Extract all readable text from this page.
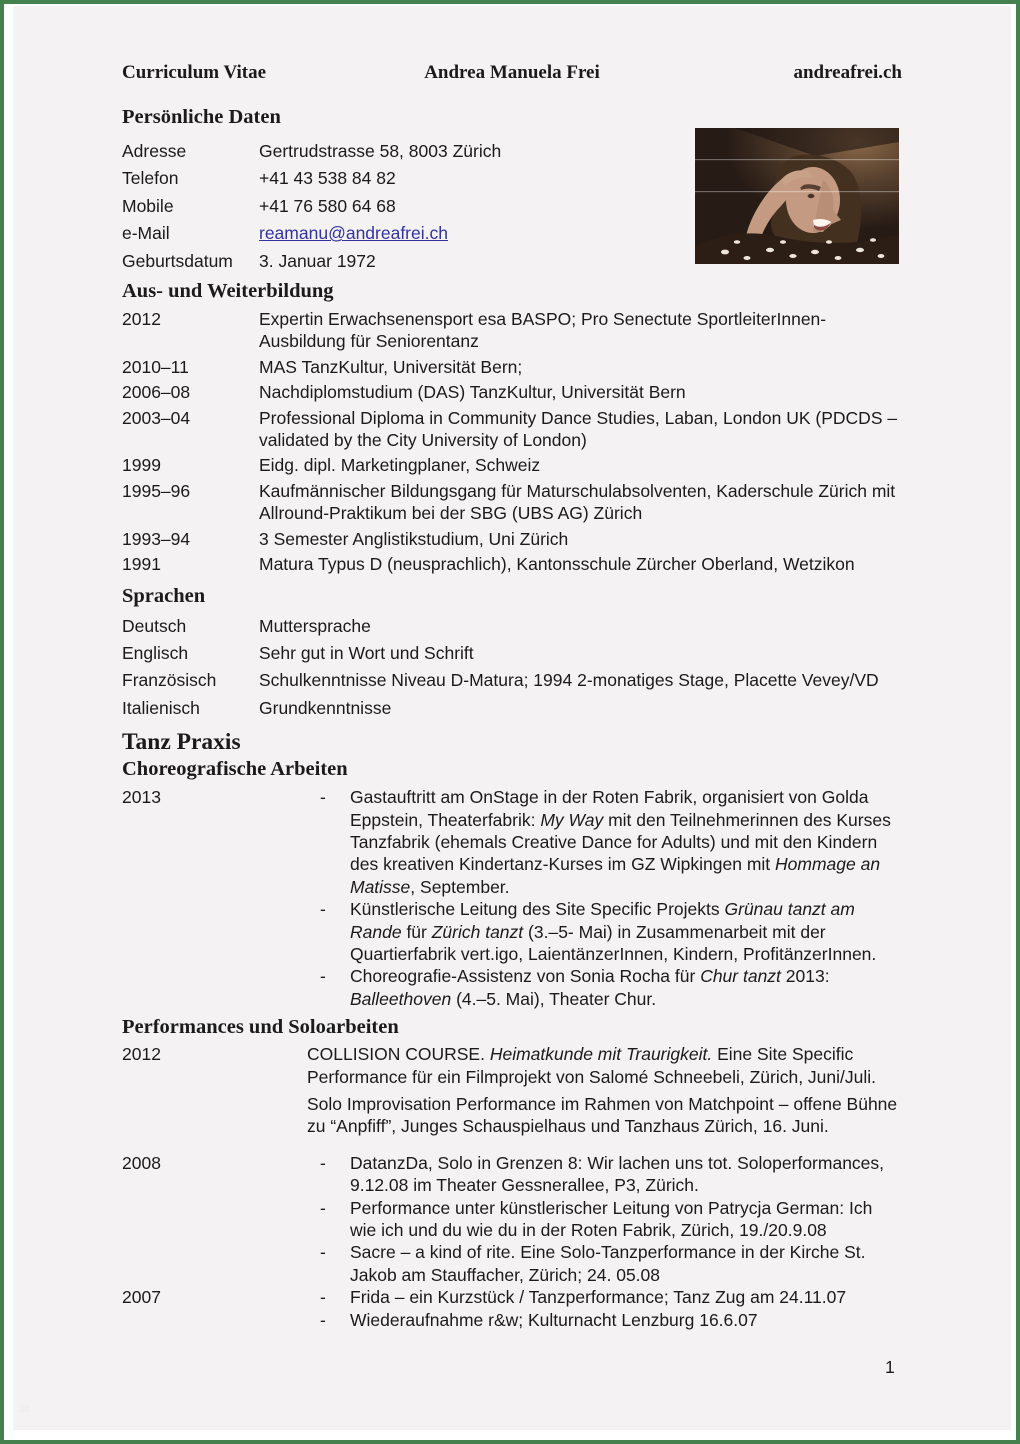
Curriculum Vitae	Andrea Manuela Frei	andreafrei.ch
Persönliche Daten
Adresse	Gertrudstrasse 58, 8003 Zürich
Telefon	+41 43 538 84 82
Mobile	+41 76 580 64 68
e-Mail	reamanu@andreafrei.ch
Geburtsdatum	3. Januar 1972
Aus- und Weiterbildung
2012	Expertin Erwachsenensport esa BASPO; Pro Senectute SportleiterInnen-Ausbildung für Seniorentanz
2010–11	MAS TanzKultur, Universität Bern;
2006–08	Nachdiplomstudium (DAS) TanzKultur, Universität Bern
2003–04	Professional Diploma in Community Dance Studies, Laban, London UK (PDCDS – validated by the City University of London)
1999	Eidg. dipl. Marketingplaner, Schweiz
1995–96	Kaufmännischer Bildungsgang für Maturschulabsolventen, Kaderschule Zürich mit Allround-Praktikum bei der SBG (UBS AG) Zürich
1993–94	3 Semester Anglistikstudium, Uni Zürich
1991	Matura Typus D (neusprachlich), Kantonsschule Zürcher Oberland, Wetzikon
Sprachen
Deutsch	Muttersprache
Englisch	Sehr gut in Wort und Schrift
Französisch	Schulkenntnisse Niveau D-Matura; 1994 2-monatiges Stage, Placette Vevey/VD
Italienisch	Grundkenntnisse
Tanz Praxis
Choreografische Arbeiten
2013	-	Gastauftritt am OnStage in der Roten Fabrik, organisiert von Golda Eppstein, Theaterfabrik: My Way mit den Teilnehmerinnen des Kurses Tanzfabrik (ehemals Creative Dance for Adults) und mit den Kindern des kreativen Kindertanz-Kurses im GZ Wipkingen mit Hommage an Matisse, September.
-	Künstlerische Leitung des Site Specific Projekts Grünau tanzt am Rande für Zürich tanzt (3.–5- Mai) in Zusammenarbeit mit der Quartierfabrik vert.igo, LaientänzerInnen, Kindern, ProfitänzerInnen.
-	Choreografie-Assistenz von Sonia Rocha für Chur tanzt 2013: Balleethoven (4.–5. Mai), Theater Chur.
Performances und Soloarbeiten
2012	COLLISION COURSE. Heimatkunde mit Traurigkeit. Eine Site Specific Performance für ein Filmprojekt von Salomé Schneebeli, Zürich, Juni/Juli.
Solo Improvisation Performance im Rahmen von Matchpoint – offene Bühne zu “Anpfiff”, Junges Schauspielhaus und Tanzhaus Zürich, 16. Juni.
2008	-	DatanzDa, Solo in Grenzen 8: Wir lachen uns tot. Soloperformances, 9.12.08 im Theater Gessnerallee, P3, Zürich.
-	Performance unter künstlerischer Leitung von Patrycja German: Ich wie ich und du wie du in der Roten Fabrik, Zürich, 19./20.9.08
-	Sacre – a kind of rite. Eine Solo-Tanzperformance in der Kirche St. Jakob am Stauffacher, Zürich; 24. 05.08
2007	-	Frida – ein Kurzstück / Tanzperformance; Tanz Zug am 24.11.07
-	Wiederaufnahme r&w; Kulturnacht Lenzburg 16.6.07
1
20
